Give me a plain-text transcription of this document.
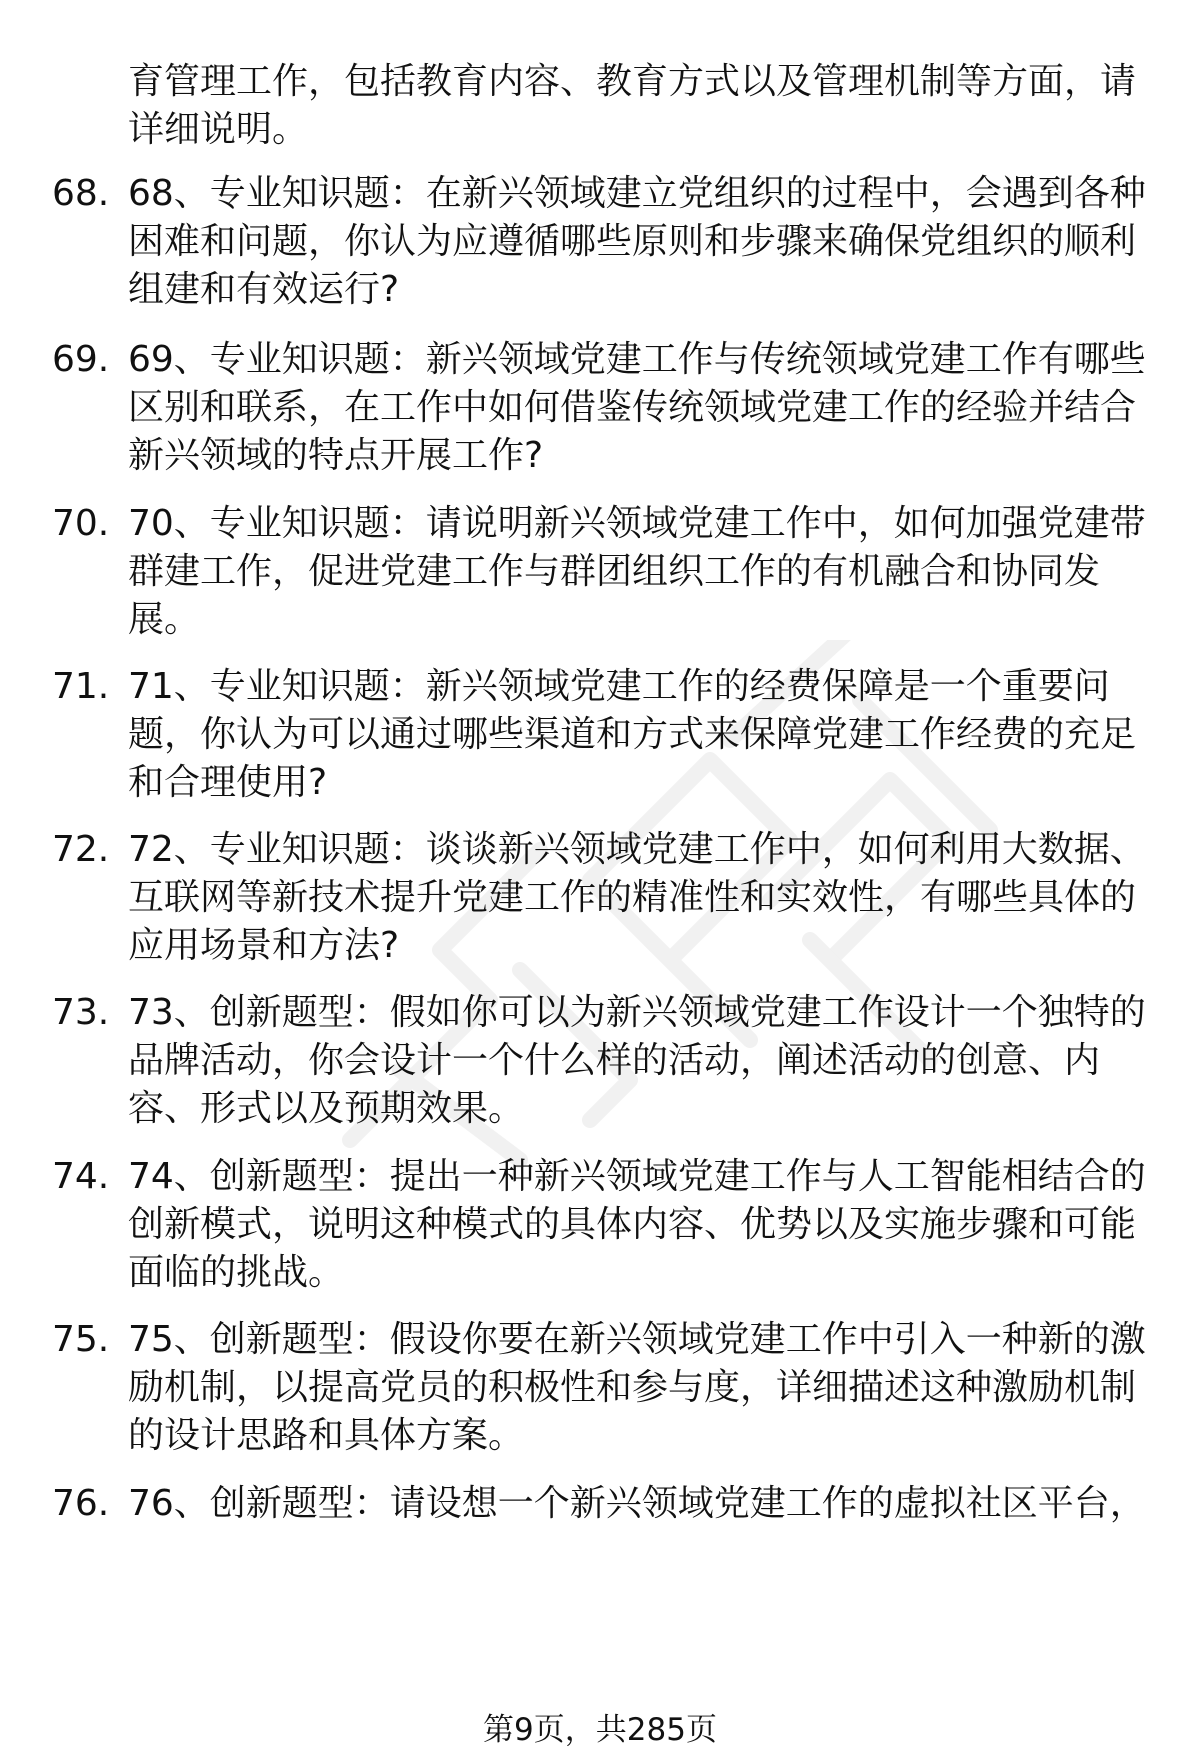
育管理工作，包括教育内容、教育方式以及管理机制等方面，请详细说明。

68. 68、专业知识题：在新兴领域建立党组织的过程中，会遇到各种困难和问题，你认为应遵循哪些原则和步骤来确保党组织的顺利组建和有效运行?

69. 69、专业知识题：新兴领域党建工作与传统领域党建工作有哪些区别和联系，在工作中如何借鉴传统领域党建工作的经验并结合新兴领域的特点开展工作?

70. 70、专业知识题：请说明新兴领域党建工作中，如何加强党建带群建工作，促进党建工作与群团组织工作的有机融合和协同发展。

71. 71、专业知识题：新兴领域党建工作的经费保障是一个重要问题，你认为可以通过哪些渠道和方式来保障党建工作经费的充足和合理使用?

72. 72、专业知识题：谈谈新兴领域党建工作中，如何利用大数据、互联网等新技术提升党建工作的精准性和实效性，有哪些具体的应用场景和方法?

73. 73、创新题型：假如你可以为新兴领域党建工作设计一个独特的品牌活动，你会设计一个什么样的活动，阐述活动的创意、内容、形式以及预期效果。

74. 74、创新题型：提出一种新兴领域党建工作与人工智能相结合的创新模式，说明这种模式的具体内容、优势以及实施步骤和可能面临的挑战。

75. 75、创新题型：假设你要在新兴领域党建工作中引入一种新的激励机制，以提高党员的积极性和参与度，详细描述这种激励机制的设计思路和具体方案。

76. 76、创新题型：请设想一个新兴领域党建工作的虚拟社区平台，

第9页，共285页
